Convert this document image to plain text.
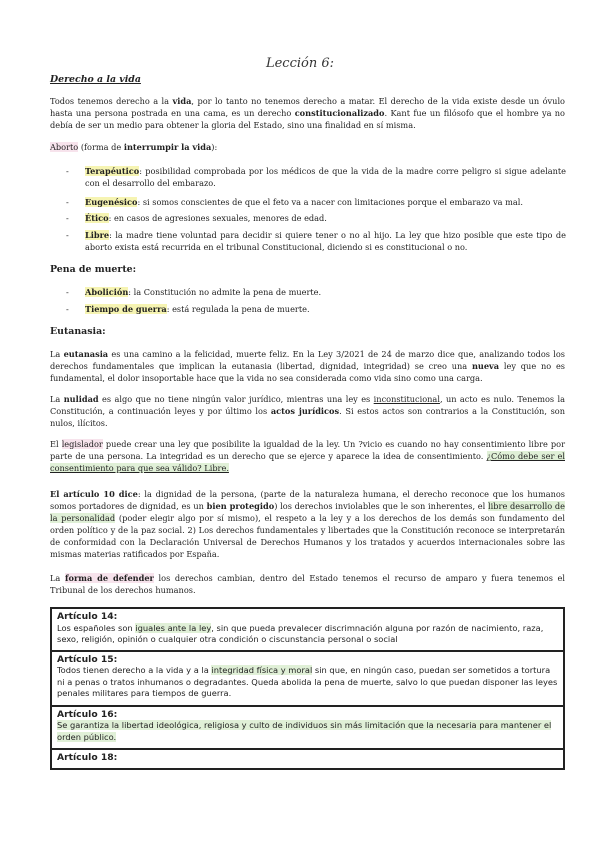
Lección 6:
Derecho a la vida

Todos tenemos derecho a la vida, por lo tanto no tenemos derecho a matar. El derecho de la vida existe desde un óvulo hasta una persona postrada en una cama, es un derecho constitucionalizado. Kant fue un filósofo que el hombre ya no debía de ser un medio para obtener la gloria del Estado, sino una finalidad en sí misma.

Aborto (forma de interrumpir la vida):

-	Terapéutico: posibilidad comprobada por los médicos de que la vida de la madre corre peligro si sigue adelante con el desarrollo del embarazo.
-	Eugenésico: si somos conscientes de que el feto va a nacer con limitaciones porque el embarazo va mal.
-	Ético: en casos de agresiones sexuales, menores de edad.
-	Libre: la madre tiene voluntad para decidir si quiere tener o no al hijo. La ley que hizo posible que este tipo de aborto exista está recurrida en el tribunal Constitucional, diciendo si es constitucional o no.
Pena de muerte:
-	Abolición: la Constitución no admite la pena de muerte.
-	Tiempo de guerra: está regulada la pena de muerte.
Eutanasia:

La eutanasia es una camino a la felicidad, muerte feliz. En la Ley 3/2021 de 24 de marzo dice que, analizando todos los derechos fundamentales que implican la eutanasia (libertad, dignidad, integridad) se creo una nueva ley que no es fundamental, el dolor insoportable hace que la vida no sea considerada como vida sino como una carga.

La nulidad es algo que no tiene ningún valor jurídico, mientras una ley es inconstitucional, un acto es nulo. Tenemos la Constitución, a continuación leyes y por último los actos jurídicos. Si estos actos son contrarios a la Constitución, son nulos, ilícitos.

El legislador puede crear una ley que posibilite la igualdad de la ley. Un ?vicio es cuando no hay consentimiento libre por parte de una persona. La integridad es un derecho que se ejerce y aparece la idea de consentimiento. ¿Cómo debe ser el consentimiento para que sea válido? Libre.

El artículo 10 dice: la dignidad de la persona, (parte de la naturaleza humana, el derecho reconoce que los humanos somos portadores de dignidad, es un bien protegido) los derechos inviolables que le son inherentes, el libre desarrollo de la personalidad (poder elegir algo por sí mismo), el respeto a la ley y a los derechos de los demás son fundamento del orden político y de la paz social. 2) Los derechos fundamentales y libertades que la Constitución reconoce se interpretarán de conformidad con la Declaración Universal de Derechos Humanos y los tratados y acuerdos internacionales sobre las mismas materias ratificados por España.

La forma de defender los derechos cambian, dentro del Estado tenemos el recurso de amparo y fuera tenemos el Tribunal de los derechos humanos.

Artículo 14:
Los españoles son iguales ante la ley, sin que pueda prevalecer discrimnación alguna por razón de nacimiento, raza, sexo, religión, opinión o cualquier otra condición o ciscunstancia personal o social

Artículo 15:
Todos tienen derecho a la vida y a la integridad física y moral sin que, en ningún caso, puedan ser sometidos a tortura ni a penas o tratos inhumanos o degradantes. Queda abolida la pena de muerte, salvo lo que puedan disponer las leyes penales militares para tiempos de guerra.

Artículo 16:
Se garantiza la libertad ideológica, religiosa y culto de individuos sin más limitación que la necesaria para mantener el orden público.

Artículo 18:
